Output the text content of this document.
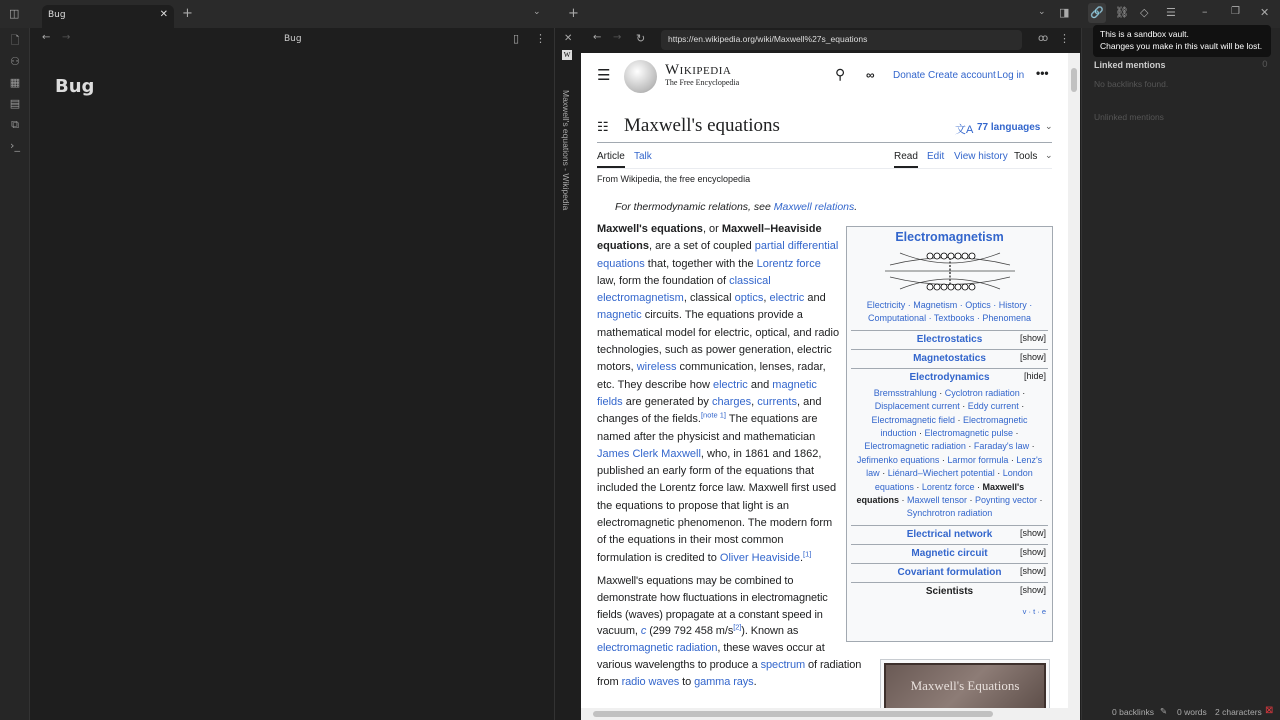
◫	Bug	✕ +	⌄ +	⌄ ◨ 🔗 ⛓ ◇ ☰ – ❐ ✕
🗋
⚇
▦
▤
⧉
›_
← →	Bug	▯ ⋮
Bug
✕ ← → ↻	https://en.wikipedia.org/wiki/Maxwell%27s_equations	ꝏ ⋮
W
Maxwell's equations - Wikipedia
☰	Wikipedia
The Free Encyclopedia
⚲ ∞ Donate Create account Log in •••
☷ Maxwell's equations	文A 77 languages ⌄
Article Talk	Read Edit View history Tools ⌄
From Wikipedia, the free encyclopedia
For thermodynamic relations, see Maxwell relations.
Maxwell's equations, or Maxwell–Heaviside equations, are a set of coupled partial differential equations that, together with the Lorentz force law, form the foundation of classical electromagnetism, classical optics, electric and magnetic circuits. The equations provide a mathematical model for electric, optical, and radio technologies, such as power generation, electric motors, wireless communication, lenses, radar, etc. They describe how electric and magnetic fields are generated by charges, currents, and changes of the fields.[note 1] The equations are named after the physicist and mathematician James Clerk Maxwell, who, in 1861 and 1862, published an early form of the equations that included the Lorentz force law. Maxwell first used the equations to propose that light is an electromagnetic phenomenon. The modern form of the equations in their most common formulation is credited to Oliver Heaviside.[1]
Maxwell's equations may be combined to demonstrate how fluctuations in electromagnetic fields (waves) propagate at a constant speed in vacuum, c (299 792 458 m/s[2]). Known as electromagnetic radiation, these waves occur at various wavelengths to produce a spectrum of radiation from radio waves to gamma rays.
Electromagnetism
Electricity · Magnetism · Optics · History · Computational · Textbooks · Phenomena
Electrostatics	[show]
Magnetostatics	[show]
Electrodynamics	[hide]
Bremsstrahlung · Cyclotron radiation · Displacement current · Eddy current · Electromagnetic field · Electromagnetic induction · Electromagnetic pulse · Electromagnetic radiation · Faraday's law · Jefimenko equations · Larmor formula · Lenz's law · Liénard–Wiechert potential · London equations · Lorentz force · Maxwell's equations · Maxwell tensor · Poynting vector · Synchrotron radiation
Electrical network	[show]
Magnetic circuit	[show]
Covariant formulation [show]
Scientists	[show]
v · t · e
Maxwell's Equations
Linked mentions	0
No backlinks found.
Unlinked mentions
This is a sandbox vault.
Changes you make in this vault will be lost.
0 backlinks ✎ 0 words 2 characters ⊠
